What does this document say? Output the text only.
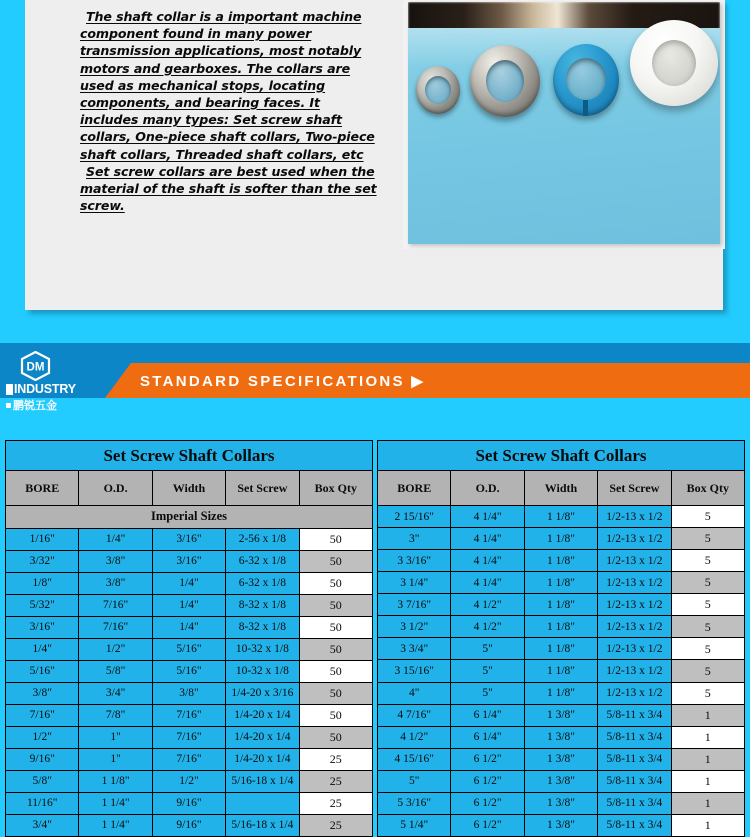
The shaft collar is a important machine component found in many power transmission applications, most notably motors and gearboxes. The collars are used as mechanical stops, locating components, and bearing faces. It includes many types: Set screw shaft collars, One-piece shaft collars, Two-piece shaft collars, Threaded shaft collars, etc

Set screw collars are best used when the material of the shaft is softer than the set screw.

DM
INDUSTRY
鹏锐五金
STANDARD SPECIFICATIONS ▶
Set Screw Shaft Collars				
BORE	O.D.	Width	Set Screw	Box Qty
Imperial Sizes				
1/16"	1/4"	3/16"	2-56 x 1/8	50
3/32"	3/8"	3/16"	6-32 x 1/8	50
1/8"	3/8"	1/4"	6-32 x 1/8	50
5/32"	7/16"	1/4"	8-32 x 1/8	50
3/16"	7/16"	1/4"	8-32 x 1/8	50
1/4"	1/2"	5/16"	10-32 x 1/8	50
5/16"	5/8"	5/16"	10-32 x 1/8	50
3/8"	3/4"	3/8"	1/4-20 x 3/16	50
7/16"	7/8"	7/16"	1/4-20 x 1/4	50
1/2"	1"	7/16"	1/4-20 x 1/4	50
9/16"	1"	7/16"	1/4-20 x 1/4	25
5/8"	1 1/8"	1/2"	5/16-18 x 1/4	25
11/16"	1 1/4"	9/16"		25
3/4"	1 1/4"	9/16"	5/16-18 x 1/4	25
Set Screw Shaft Collars				
BORE	O.D.	Width	Set Screw	Box Qty
2 15/16"	4 1/4"	1 1/8"	1/2-13 x 1/2	5
3"	4 1/4"	1 1/8"	1/2-13 x 1/2	5
3 3/16"	4 1/4"	1 1/8"	1/2-13 x 1/2	5
3 1/4"	4 1/4"	1 1/8"	1/2-13 x 1/2	5
3 7/16"	4 1/2"	1 1/8"	1/2-13 x 1/2	5
3 1/2"	4 1/2"	1 1/8"	1/2-13 x 1/2	5
3 3/4"	5"	1 1/8"	1/2-13 x 1/2	5
3 15/16"	5"	1 1/8"	1/2-13 x 1/2	5
4"	5"	1 1/8"	1/2-13 x 1/2	5
4 7/16"	6 1/4"	1 3/8"	5/8-11 x 3/4	1
4 1/2"	6 1/4"	1 3/8"	5/8-11 x 3/4	1
4 15/16"	6 1/2"	1 3/8"	5/8-11 x 3/4	1
5"	6 1/2"	1 3/8"	5/8-11 x 3/4	1
5 3/16"	6 1/2"	1 3/8"	5/8-11 x 3/4	1
5 1/4"	6 1/2"	1 3/8"	5/8-11 x 3/4	1
